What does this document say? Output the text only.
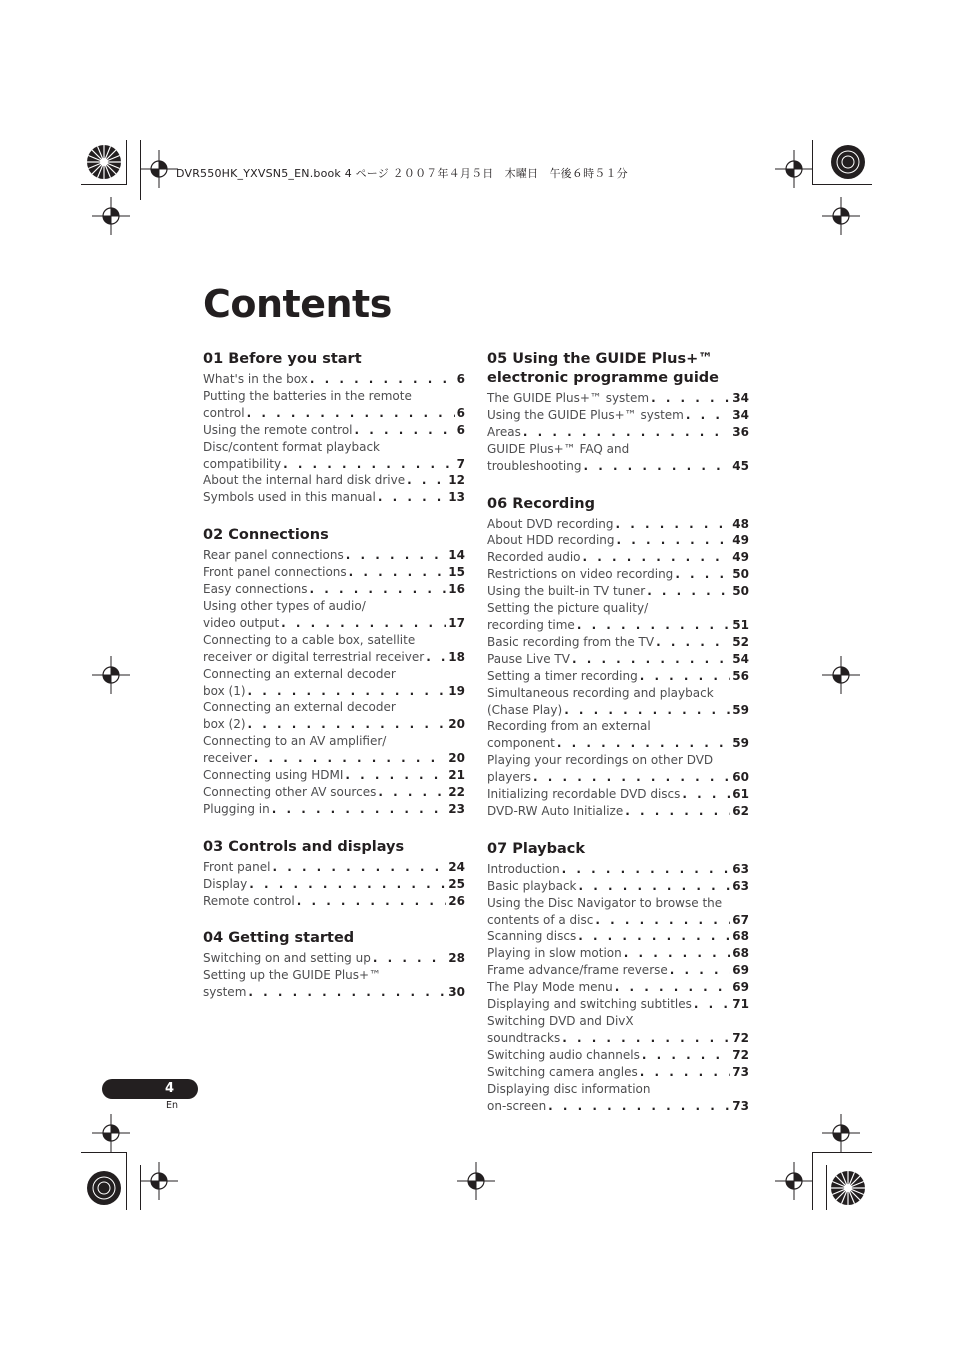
DVR550HK_YXVSN5_EN.book 4 ページ ２００７年４月５日　木曜日　午後６時５１分
Contents
01 Before you start
What's in the box . . .	6
Putting the batteries in the remote
control . . .	6
Using the remote control . . .	6
Disc/content format playback
compatibility . . .	7
About the internal hard disk drive . . .	12
Symbols used in this manual . . .	13
02 Connections
Rear panel connections . . .	14
Front panel connections . . .	15
Easy connections . . .	16
Using other types of audio/
video output . . .	17
Connecting to a cable box, satellite
receiver or digital terrestrial receiver . . . 18
Connecting an external decoder
box (1) . . .	19
Connecting an external decoder
box (2) . . .	20
Connecting to an AV amplifier/
receiver . . .	20
Connecting using HDMI . . .	21
Connecting other AV sources . . .	22
Plugging in . . .	23
03 Controls and displays
Front panel . . .	24
Display . . .	25
Remote control . . .	26
04 Getting started
Switching on and setting up . . .	28
Setting up the GUIDE Plus+™
system . . .	30
05 Using the GUIDE Plus+™
electronic programme guide
The GUIDE Plus+™ system . . .	34
Using the GUIDE Plus+™ system . . .	34
Areas . . .	36
GUIDE Plus+™ FAQ and
troubleshooting . . .	45
06 Recording
About DVD recording . . .	48
About HDD recording . . .	49
Recorded audio . . .	49
Restrictions on video recording . . .	50
Using the built-in TV tuner . . .	50
Setting the picture quality/
recording time . . .	51
Basic recording from the TV . . .	52
Pause Live TV . . .	54
Setting a timer recording . . .	56
Simultaneous recording and playback
(Chase Play) . . .	59
Recording from an external
component . . .	59
Playing your recordings on other DVD
players . . .	60
Initializing recordable DVD discs . . .	61
DVD-RW Auto Initialize . . .	62
07 Playback
Introduction . . .	63
Basic playback . . .	63
Using the Disc Navigator to browse the
contents of a disc . . .	67
Scanning discs . . .	68
Playing in slow motion . . .	68
Frame advance/frame reverse . . .	69
The Play Mode menu . . .	69
Displaying and switching subtitles . . .	71
Switching DVD and DivX
soundtracks . . .	72
Switching audio channels . . .	72
Switching camera angles . . .	73
Displaying disc information
on-screen . . .	73
4
En
